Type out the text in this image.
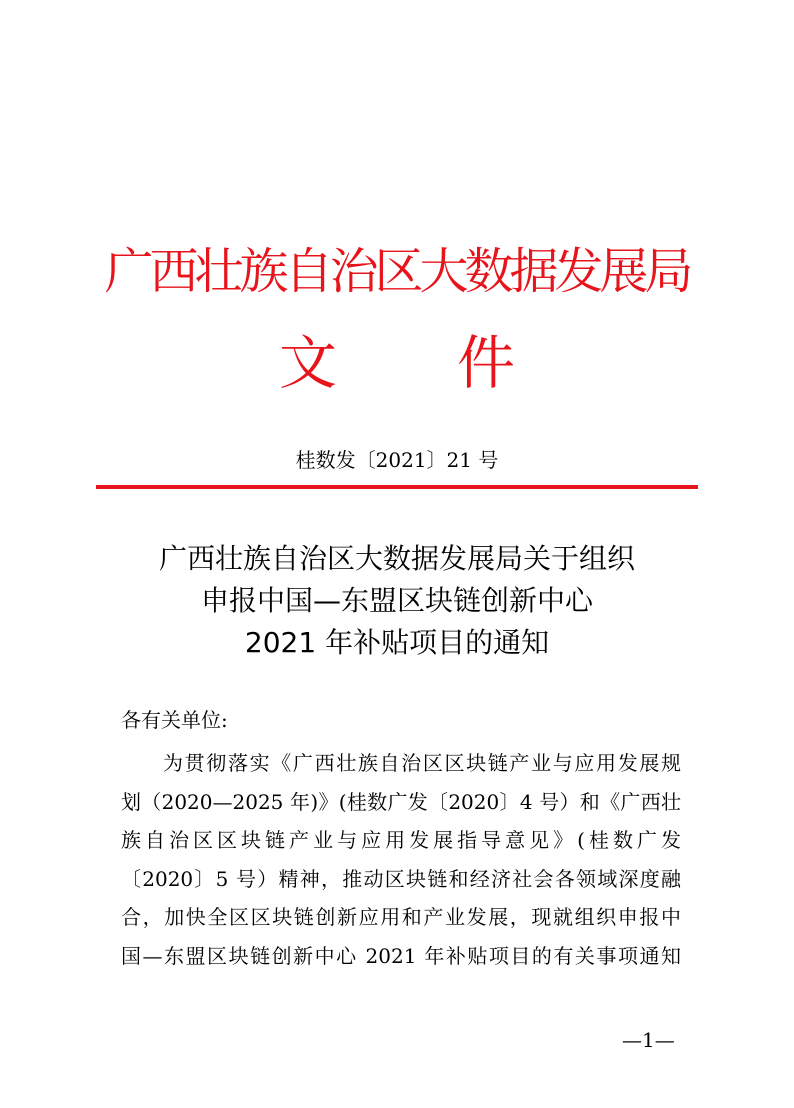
广西壮族自治区大数据发展局
文件
桂数发〔2021〕21 号
广西壮族自治区大数据发展局关于组织
申报中国—东盟区块链创新中心
2021 年补贴项目的通知
各有关单位:
为贯彻落实《广西壮族自治区区块链产业与应用发展规
划（2020—2025 年)》(桂数广发〔2020〕4 号）和《广西壮
族自治区区块链产业与应用发展指导意见》(桂数广发
〔2020〕5 号）精神，推动区块链和经济社会各领域深度融
合，加快全区区块链创新应用和产业发展，现就组织申报中
国—东盟区块链创新中心 2021 年补贴项目的有关事项通知
—1—
